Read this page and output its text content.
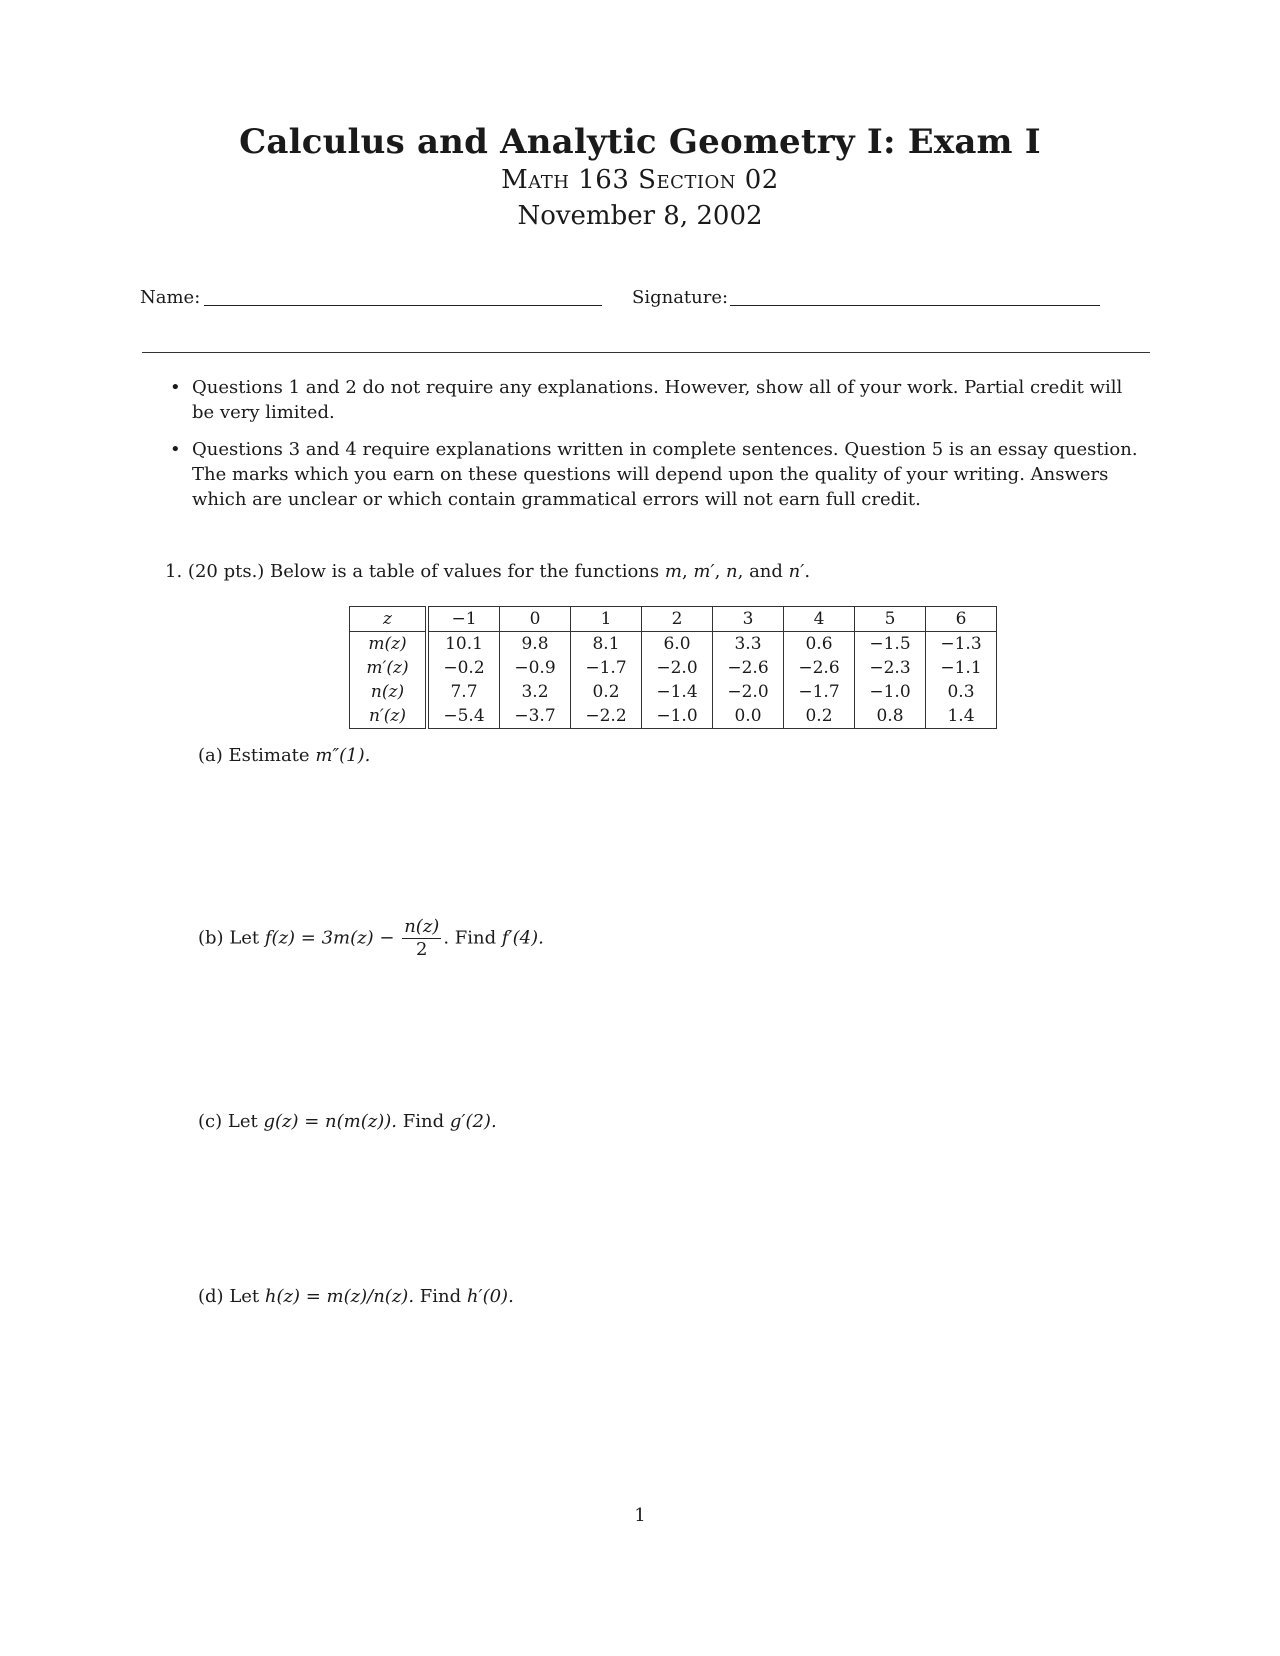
Calculus and Analytic Geometry I: Exam I
Math 163 Section 02
November 8, 2002
Name:	Signature:
• Questions 1 and 2 do not require any explanations. However, show all of your work. Partial credit will be very limited.
• Questions 3 and 4 require explanations written in complete sentences. Question 5 is an essay question. The marks which you earn on these questions will depend upon the quality of your writing. Answers which are unclear or which contain grammatical errors will not earn full credit.
1. (20 pts.) Below is a table of values for the functions m, m′, n, and n′.
z	−1	0	1	2	3	4	5	6
m(z)	10.1	9.8	8.1	6.0	3.3	0.6	−1.5	−1.3
m′(z)	−0.2	−0.9	−1.7	−2.0	−2.6	−2.6	−2.3	−1.1
n(z)	7.7	3.2	0.2	−1.4	−2.0	−1.7	−1.0	0.3
n′(z)	−5.4	−3.7	−2.2	−1.0	0.0	0.2	0.8	1.4
(a) Estimate m″(1).
(b) Let $f(z) = 3m(z) - \frac{n(z)}{2}$ . Find f′(4).
(c) Let g(z) = n(m(z)). Find g′(2).
(d) Let h(z) = m(z)/n(z). Find h′(0).
1
